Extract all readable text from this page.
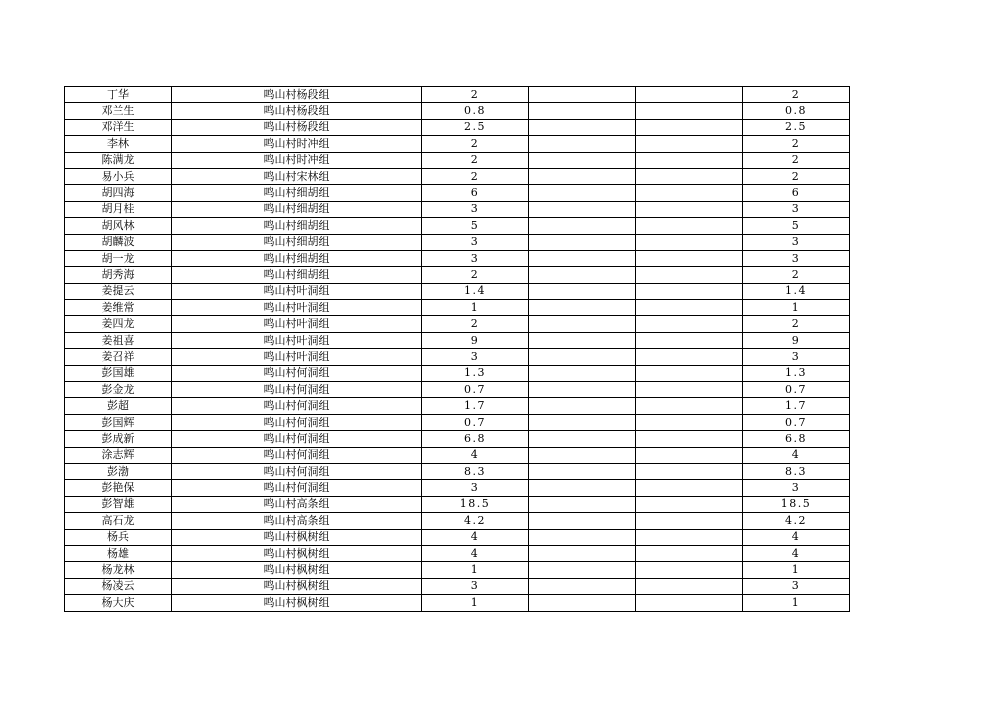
丁华	鸣山村杨段组	2			2
邓兰生	鸣山村杨段组	0.8			0.8
邓洋生	鸣山村杨段组	2.5			2.5
李林	鸣山村时冲组	2			2
陈满龙	鸣山村时冲组	2			2
易小兵	鸣山村宋林组	2			2
胡四海	鸣山村细胡组	6			6
胡月桂	鸣山村细胡组	3			3
胡风林	鸣山村细胡组	5			5
胡麟波	鸣山村细胡组	3			3
胡一龙	鸣山村细胡组	3			3
胡秀海	鸣山村细胡组	2			2
姜提云	鸣山村叶洞组	1.4			1.4
姜维常	鸣山村叶洞组	1			1
姜四龙	鸣山村叶洞组	2			2
姜祖喜	鸣山村叶洞组	9			9
姜召祥	鸣山村叶洞组	3			3
彭国雄	鸣山村何洞组	1.3			1.3
彭金龙	鸣山村何洞组	0.7			0.7
彭超	鸣山村何洞组	1.7			1.7
彭国辉	鸣山村何洞组	0.7			0.7
彭成新	鸣山村何洞组	6.8			6.8
涂志辉	鸣山村何洞组	4			4
彭渤	鸣山村何洞组	8.3			8.3
彭艳保	鸣山村何洞组	3			3
彭智雄	鸣山村高条组	18.5			18.5
高石龙	鸣山村高条组	4.2			4.2
杨兵	鸣山村枫树组	4			4
杨雄	鸣山村枫树组	4			4
杨龙林	鸣山村枫树组	1			1
杨凌云	鸣山村枫树组	3			3
杨大庆	鸣山村枫树组	1			1
